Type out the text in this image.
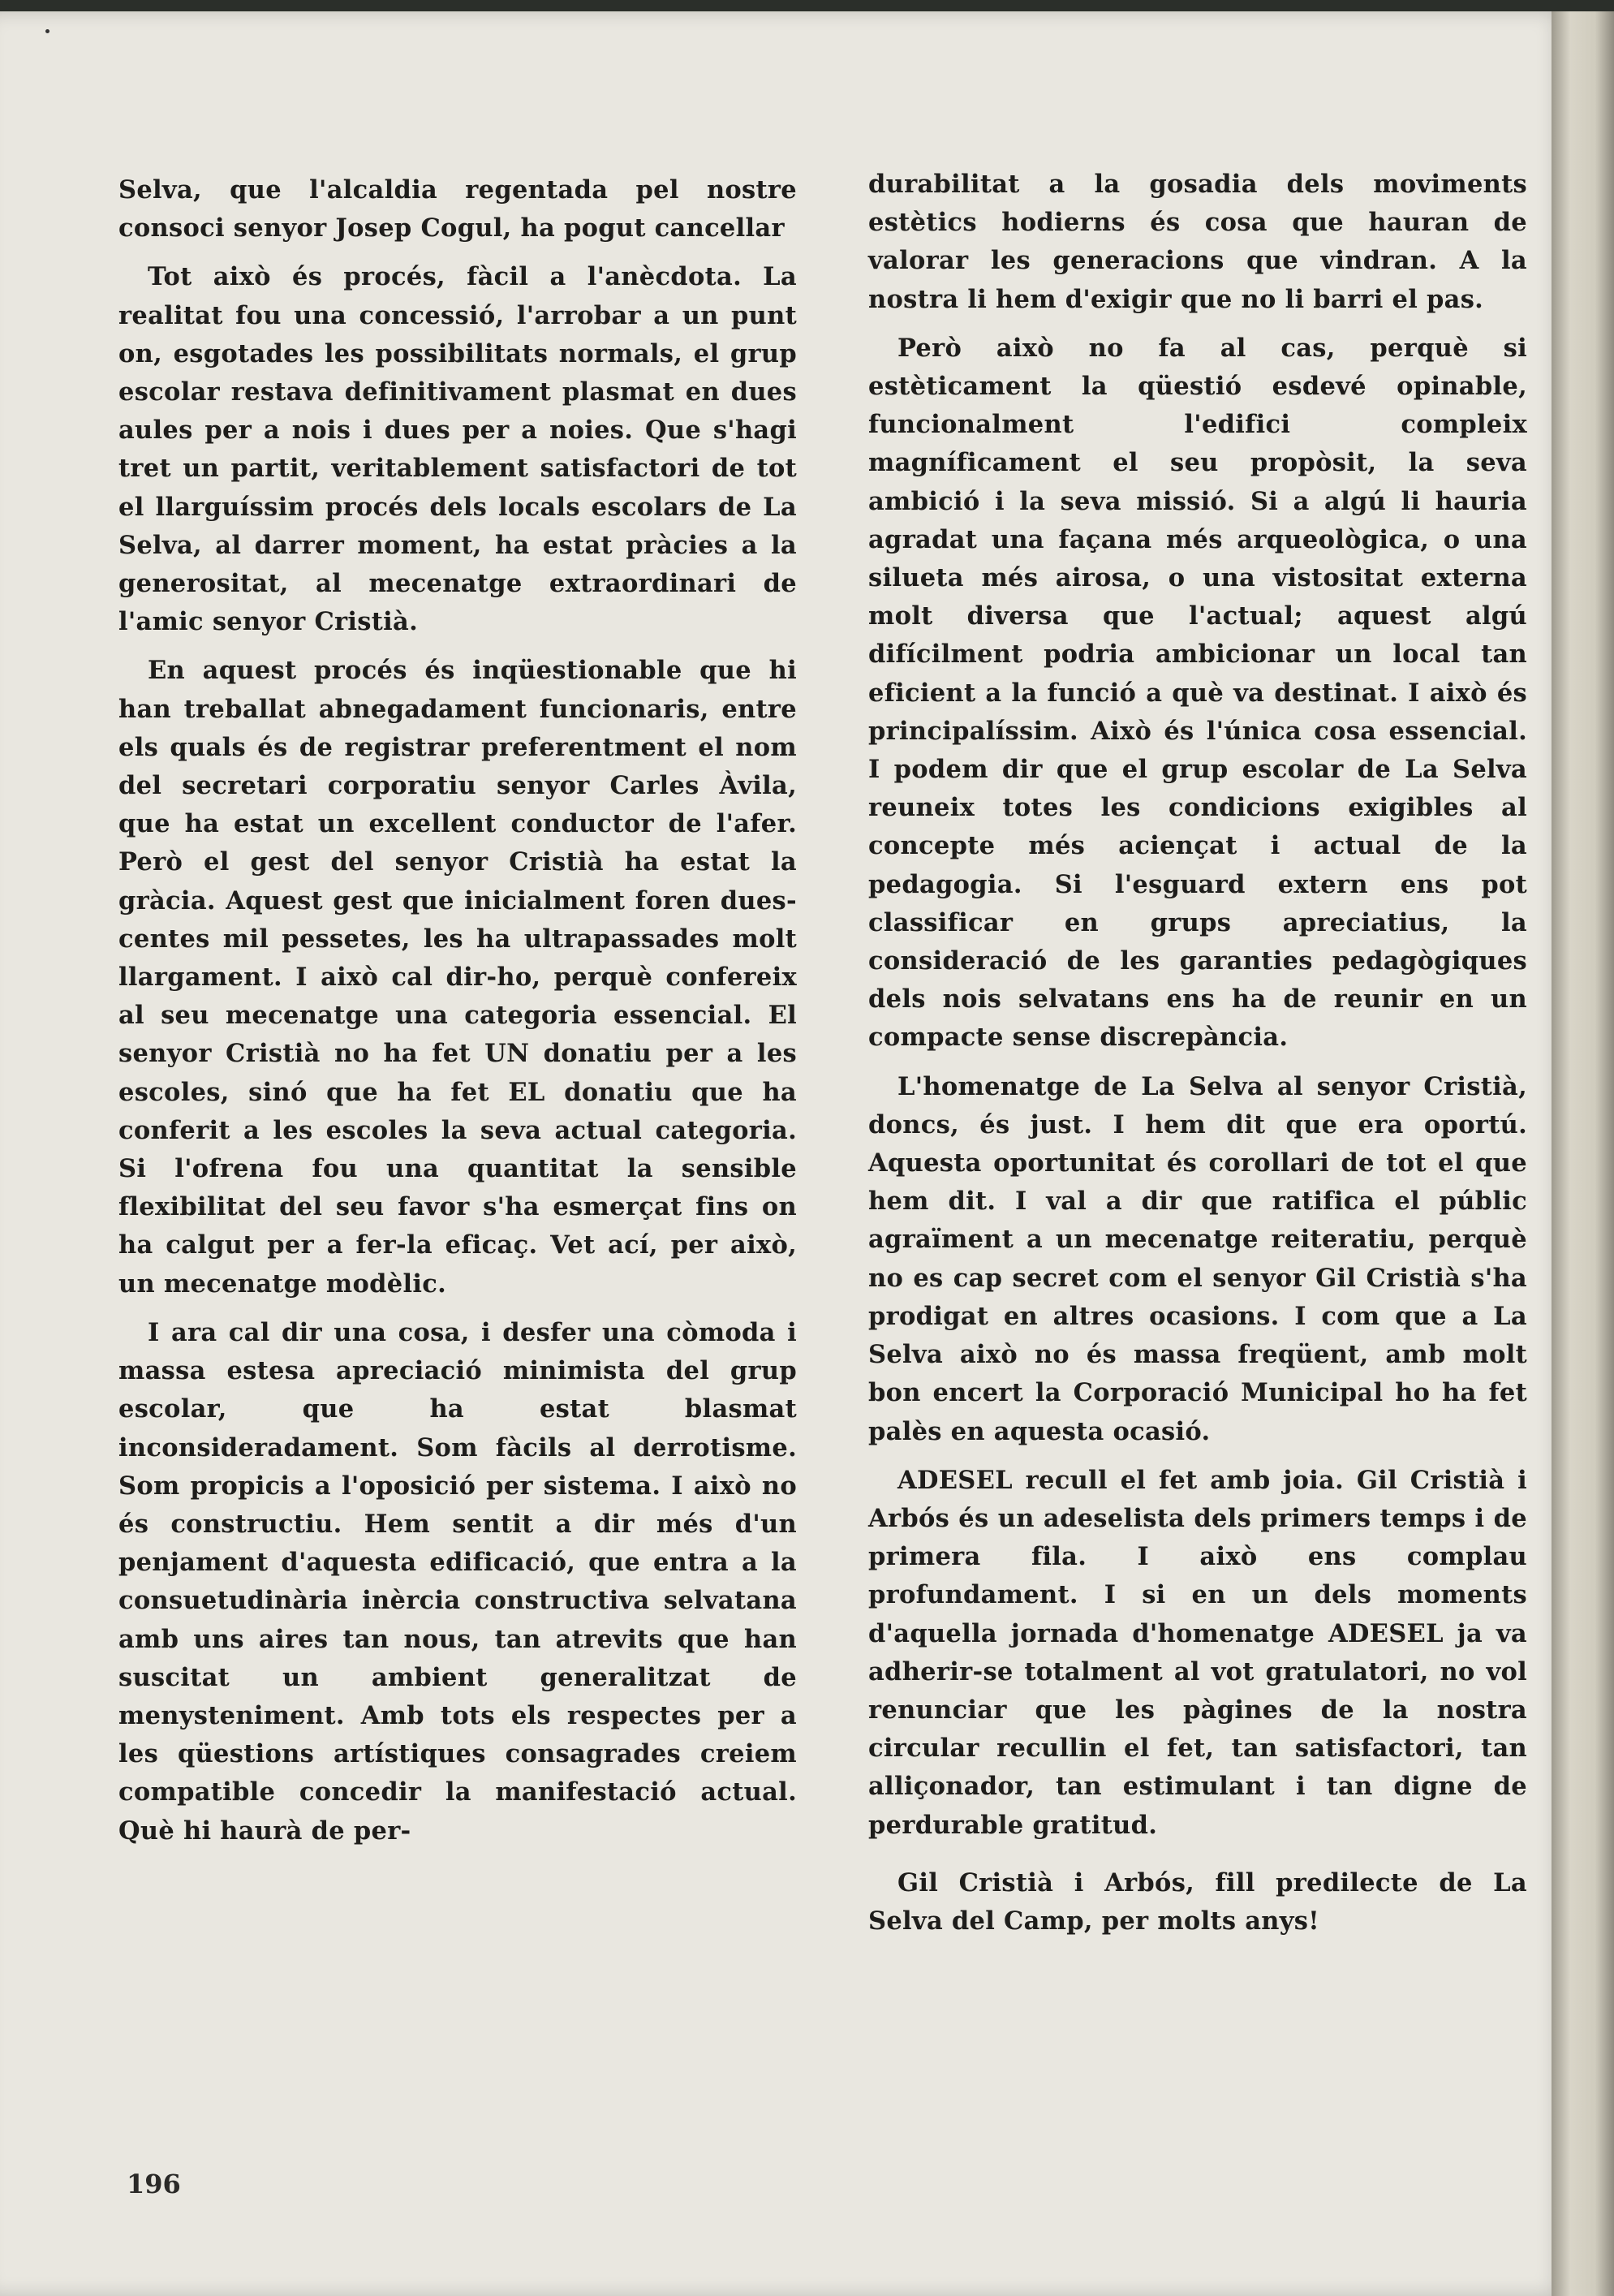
Selva, que l'alcaldia regentada pel nostre consoci senyor Josep Cogul, ha pogut cancellar

Tot això és procés, fàcil a l'anècdota. La realitat fou una concessió, l'arrobar a un punt on, esgotades les possibilitats normals, el grup escolar restava definitivament plasmat en dues aules per a nois i dues per a noies. Que s'hagi tret un partit, veritablement satisfactori de tot el llarguíssim procés dels locals escolars de La Selva, al darrer moment, ha estat pràcies a la generositat, al mecenatge extraordinari de l'amic senyor Cristià.

En aquest procés és inqüestionable que hi han treballat abnegadament funcionaris, entre els quals és de registrar preferentment el nom del secretari corporatiu senyor Carles Àvila, que ha estat un excellent conductor de l'afer. Però el gest del senyor Cristià ha estat la gràcia. Aquest gest que inicialment foren dues-centes mil pessetes, les ha ultrapassades molt llargament. I això cal dir-ho, perquè confereix al seu mecenatge una categoria essencial. El senyor Cristià no ha fet UN donatiu per a les escoles, sinó que ha fet EL donatiu que ha conferit a les escoles la seva actual categoria. Si l'ofrena fou una quantitat la sensible flexibilitat del seu favor s'ha esmerçat fins on ha calgut per a fer-la eficaç. Vet ací, per això, un mecenatge modèlic.

I ara cal dir una cosa, i desfer una còmoda i massa estesa apreciació minimista del grup escolar, que ha estat blasmat inconsideradament. Som fàcils al derrotisme. Som propicis a l'oposició per sistema. I això no és constructiu. Hem sentit a dir més d'un penjament d'aquesta edificació, que entra a la consuetudinària inèrcia constructiva selvatana amb uns aires tan nous, tan atrevits que han suscitat un ambient generalitzat de menysteniment. Amb tots els respectes per a les qüestions artístiques consagrades creiem compatible concedir la manifestació actual. Què hi haurà de per-

durabilitat a la gosadia dels moviments estètics hodierns és cosa que hauran de valorar les generacions que vindran. A la nostra li hem d'exigir que no li barri el pas.

Però això no fa al cas, perquè si estèticament la qüestió esdevé opinable, funcionalment l'edifici compleix magníficament el seu propòsit, la seva ambició i la seva missió. Si a algú li hauria agradat una façana més arqueològica, o una silueta més airosa, o una vistositat externa molt diversa que l'actual; aquest algú difícilment podria ambicionar un local tan eficient a la funció a què va destinat. I això és principalíssim. Això és l'única cosa essencial. I podem dir que el grup escolar de La Selva reuneix totes les condicions exigibles al concepte més aciençat i actual de la pedagogia. Si l'esguard extern ens pot classificar en grups apreciatius, la consideració de les garanties pedagògiques dels nois selvatans ens ha de reunir en un compacte sense discrepància.

L'homenatge de La Selva al senyor Cristià, doncs, és just. I hem dit que era oportú. Aquesta oportunitat és corollari de tot el que hem dit. I val a dir que ratifica el públic agraïment a un mecenatge reiteratiu, perquè no es cap secret com el senyor Gil Cristià s'ha prodigat en altres ocasions. I com que a La Selva això no és massa freqüent, amb molt bon encert la Corporació Municipal ho ha fet palès en aquesta ocasió.

ADESEL recull el fet amb joia. Gil Cristià i Arbós és un adeselista dels primers temps i de primera fila. I això ens complau profundament. I si en un dels moments d'aquella jornada d'homenatge ADESEL ja va adherir-se totalment al vot gratulatori, no vol renunciar que les pàgines de la nostra circular recullin el fet, tan satisfactori, tan alliçonador, tan estimulant i tan digne de perdurable gratitud.

Gil Cristià i Arbós, fill predilecte de La Selva del Camp, per molts anys!

196
